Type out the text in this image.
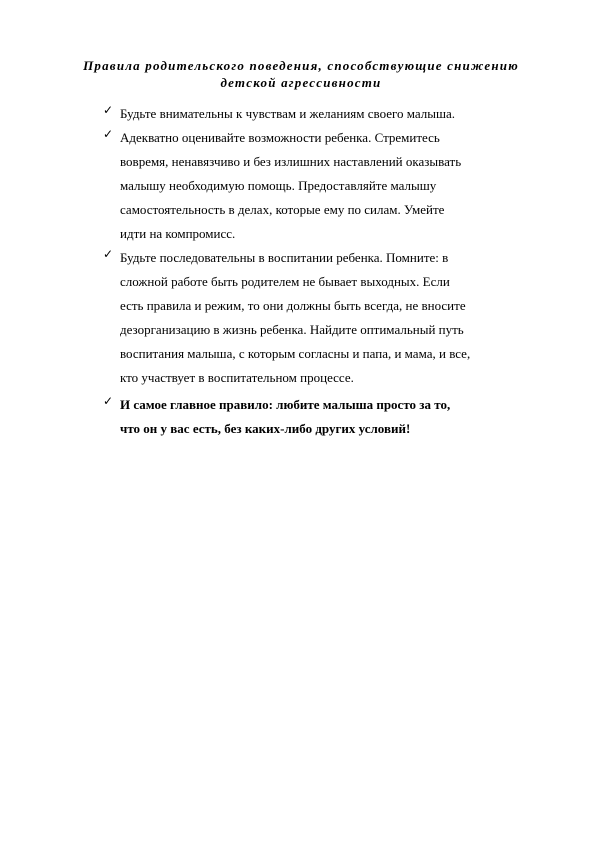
Правила родительского поведения, способствующие снижению
детской агрессивности
✓ Будьте внимательны к чувствам и желаниям своего малыша.
✓ Адекватно оценивайте возможности ребенка. Стремитесь
вовремя, ненавязчиво и без излишних наставлений оказывать
малышу необходимую помощь. Предоставляйте малышу
самостоятельность в делах, которые ему по силам. Умейте
идти на компромисс.
✓ Будьте последовательны в воспитании ребенка. Помните: в
сложной работе быть родителем не бывает выходных. Если
есть правила и режим, то они должны быть всегда, не вносите
дезорганизацию в жизнь ребенка. Найдите оптимальный путь
воспитания малыша, с которым согласны и папа, и мама, и все,
кто участвует в воспитательном процессе.
✓ И самое главное правило: любите малыша просто за то,
что он у вас есть, без каких-либо других условий!
